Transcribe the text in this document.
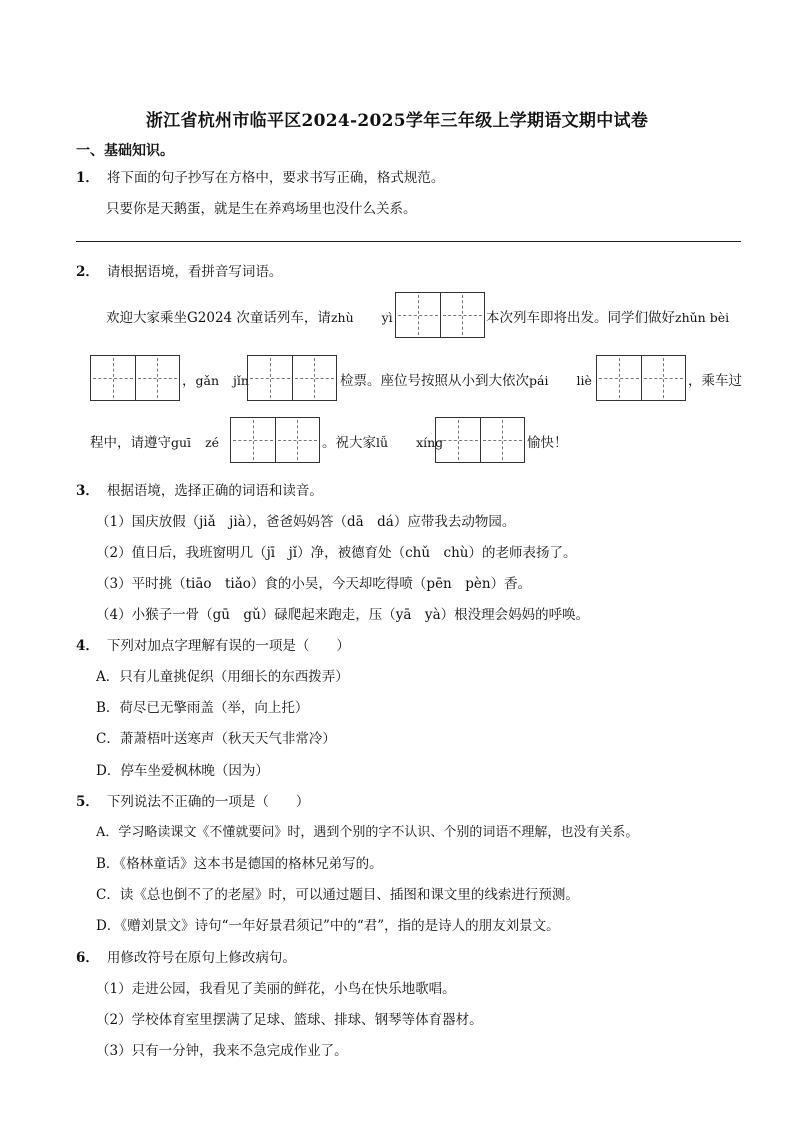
浙江省杭州市临平区2024-2025学年三年级上学期语文期中试卷
一、基础知识。
1． 将下面的句子抄写在方格中，要求书写正确，格式规范。
只要你是天鹅蛋，就是生在养鸡场里也没什么关系。
2． 请根据语境，看拼音写词语。
欢迎大家乘坐G2024 次童话列车，请zhù yì	本次列车即将出发。同学们做好zhǔn bèi
，gǎn jǐn	检票。座位号按照从小到大依次pái liè	，乘车过
程中，请遵守guī zé	。祝大家lǚ xíng	愉快！
3． 根据语境，选择正确的词语和读音。
（1）国庆放假（jiǎ　jià），爸爸妈妈答（dā　dá）应带我去动物园。
（2）值日后，我班窗明几（jī　jǐ）净，被德育处（chǔ　chù）的老师表扬了。
（3）平时挑（tiāo　tiǎo）食的小吴，今天却吃得喷（pēn　pèn）香。
（4）小猴子一骨（gū　gǔ）碌爬起来跑走，压（yā　yà）根没理会妈妈的呼唤。
4． 下列对加点字理解有误的一项是（　　）
A．只有儿童挑促织（用细长的东西拨弄）
B．荷尽已无擎雨盖（举，向上托）
C．萧萧梧叶送寒声（秋天天气非常冷）
D．停车坐爱枫林晚（因为）
5． 下列说法不正确的一项是（　　）
A．学习略读课文《不懂就要问》时，遇到个别的字不认识、个别的词语不理解，也没有关系。
B．《格林童话》这本书是德国的格林兄弟写的。
C．读《总也倒不了的老屋》时，可以通过题目、插图和课文里的线索进行预测。
D．《赠刘景文》诗句“一年好景君须记”中的“君”，指的是诗人的朋友刘景文。
6． 用修改符号在原句上修改病句。
（1）走进公园，我看见了美丽的鲜花，小鸟在快乐地歌唱。
（2）学校体育室里摆满了足球、篮球、排球、钢琴等体育器材。
（3）只有一分钟，我来不急完成作业了。
